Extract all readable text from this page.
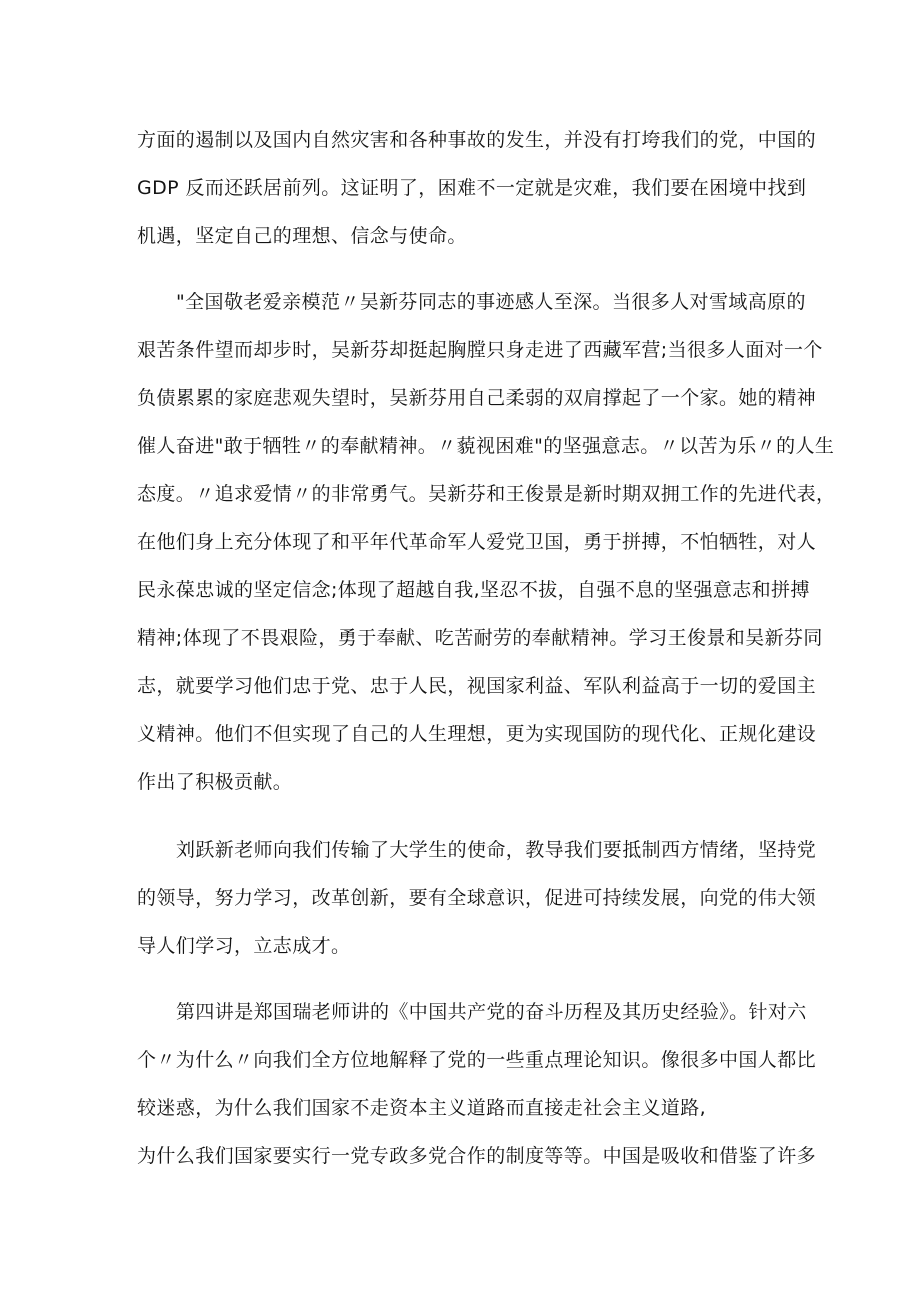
方面的遏制以及国内自然灾害和各种事故的发生，并没有打垮我们的党，中国的
GDP 反而还跃居前列。这证明了，困难不一定就是灾难，我们要在困境中找到
机遇，坚定自己的理想、信念与使命。
"全国敬老爱亲模范〃吴新芬同志的事迹感人至深。当很多人对雪域高原的
艰苦条件望而却步时，吴新芬却挺起胸膛只身走进了西藏军营;当很多人面对一个
负债累累的家庭悲观失望时，吴新芬用自己柔弱的双肩撑起了一个家。她的精神
催人奋进"敢于牺牲〃的奉献精神。〃藐视困难"的坚强意志。〃以苦为乐〃的人生
态度。〃追求爱情〃的非常勇气。吴新芬和王俊景是新时期双拥工作的先进代表，
在他们身上充分体现了和平年代革命军人爱党卫国，勇于拼搏，不怕牺牲，对人
民永葆忠诚的坚定信念;体现了超越自我,坚忍不拔，自强不息的坚强意志和拼搏
精神;体现了不畏艰险，勇于奉献、吃苦耐劳的奉献精神。学习王俊景和吴新芬同
志，就要学习他们忠于党、忠于人民，视国家利益、军队利益高于一切的爱国主
义精神。他们不但实现了自己的人生理想，更为实现国防的现代化、正规化建设
作出了积极贡献。
刘跃新老师向我们传输了大学生的使命，教导我们要抵制西方情绪，坚持党
的领导，努力学习，改革创新，要有全球意识，促进可持续发展，向党的伟大领
导人们学习，立志成才。
第四讲是郑国瑞老师讲的《中国共产党的奋斗历程及其历史经验》。针对六
个〃为什么〃向我们全方位地解释了党的一些重点理论知识。像很多中国人都比
较迷惑，为什么我们国家不走资本主义道路而直接走社会主义道路,
为什么我们国家要实行一党专政多党合作的制度等等。中国是吸收和借鉴了许多
